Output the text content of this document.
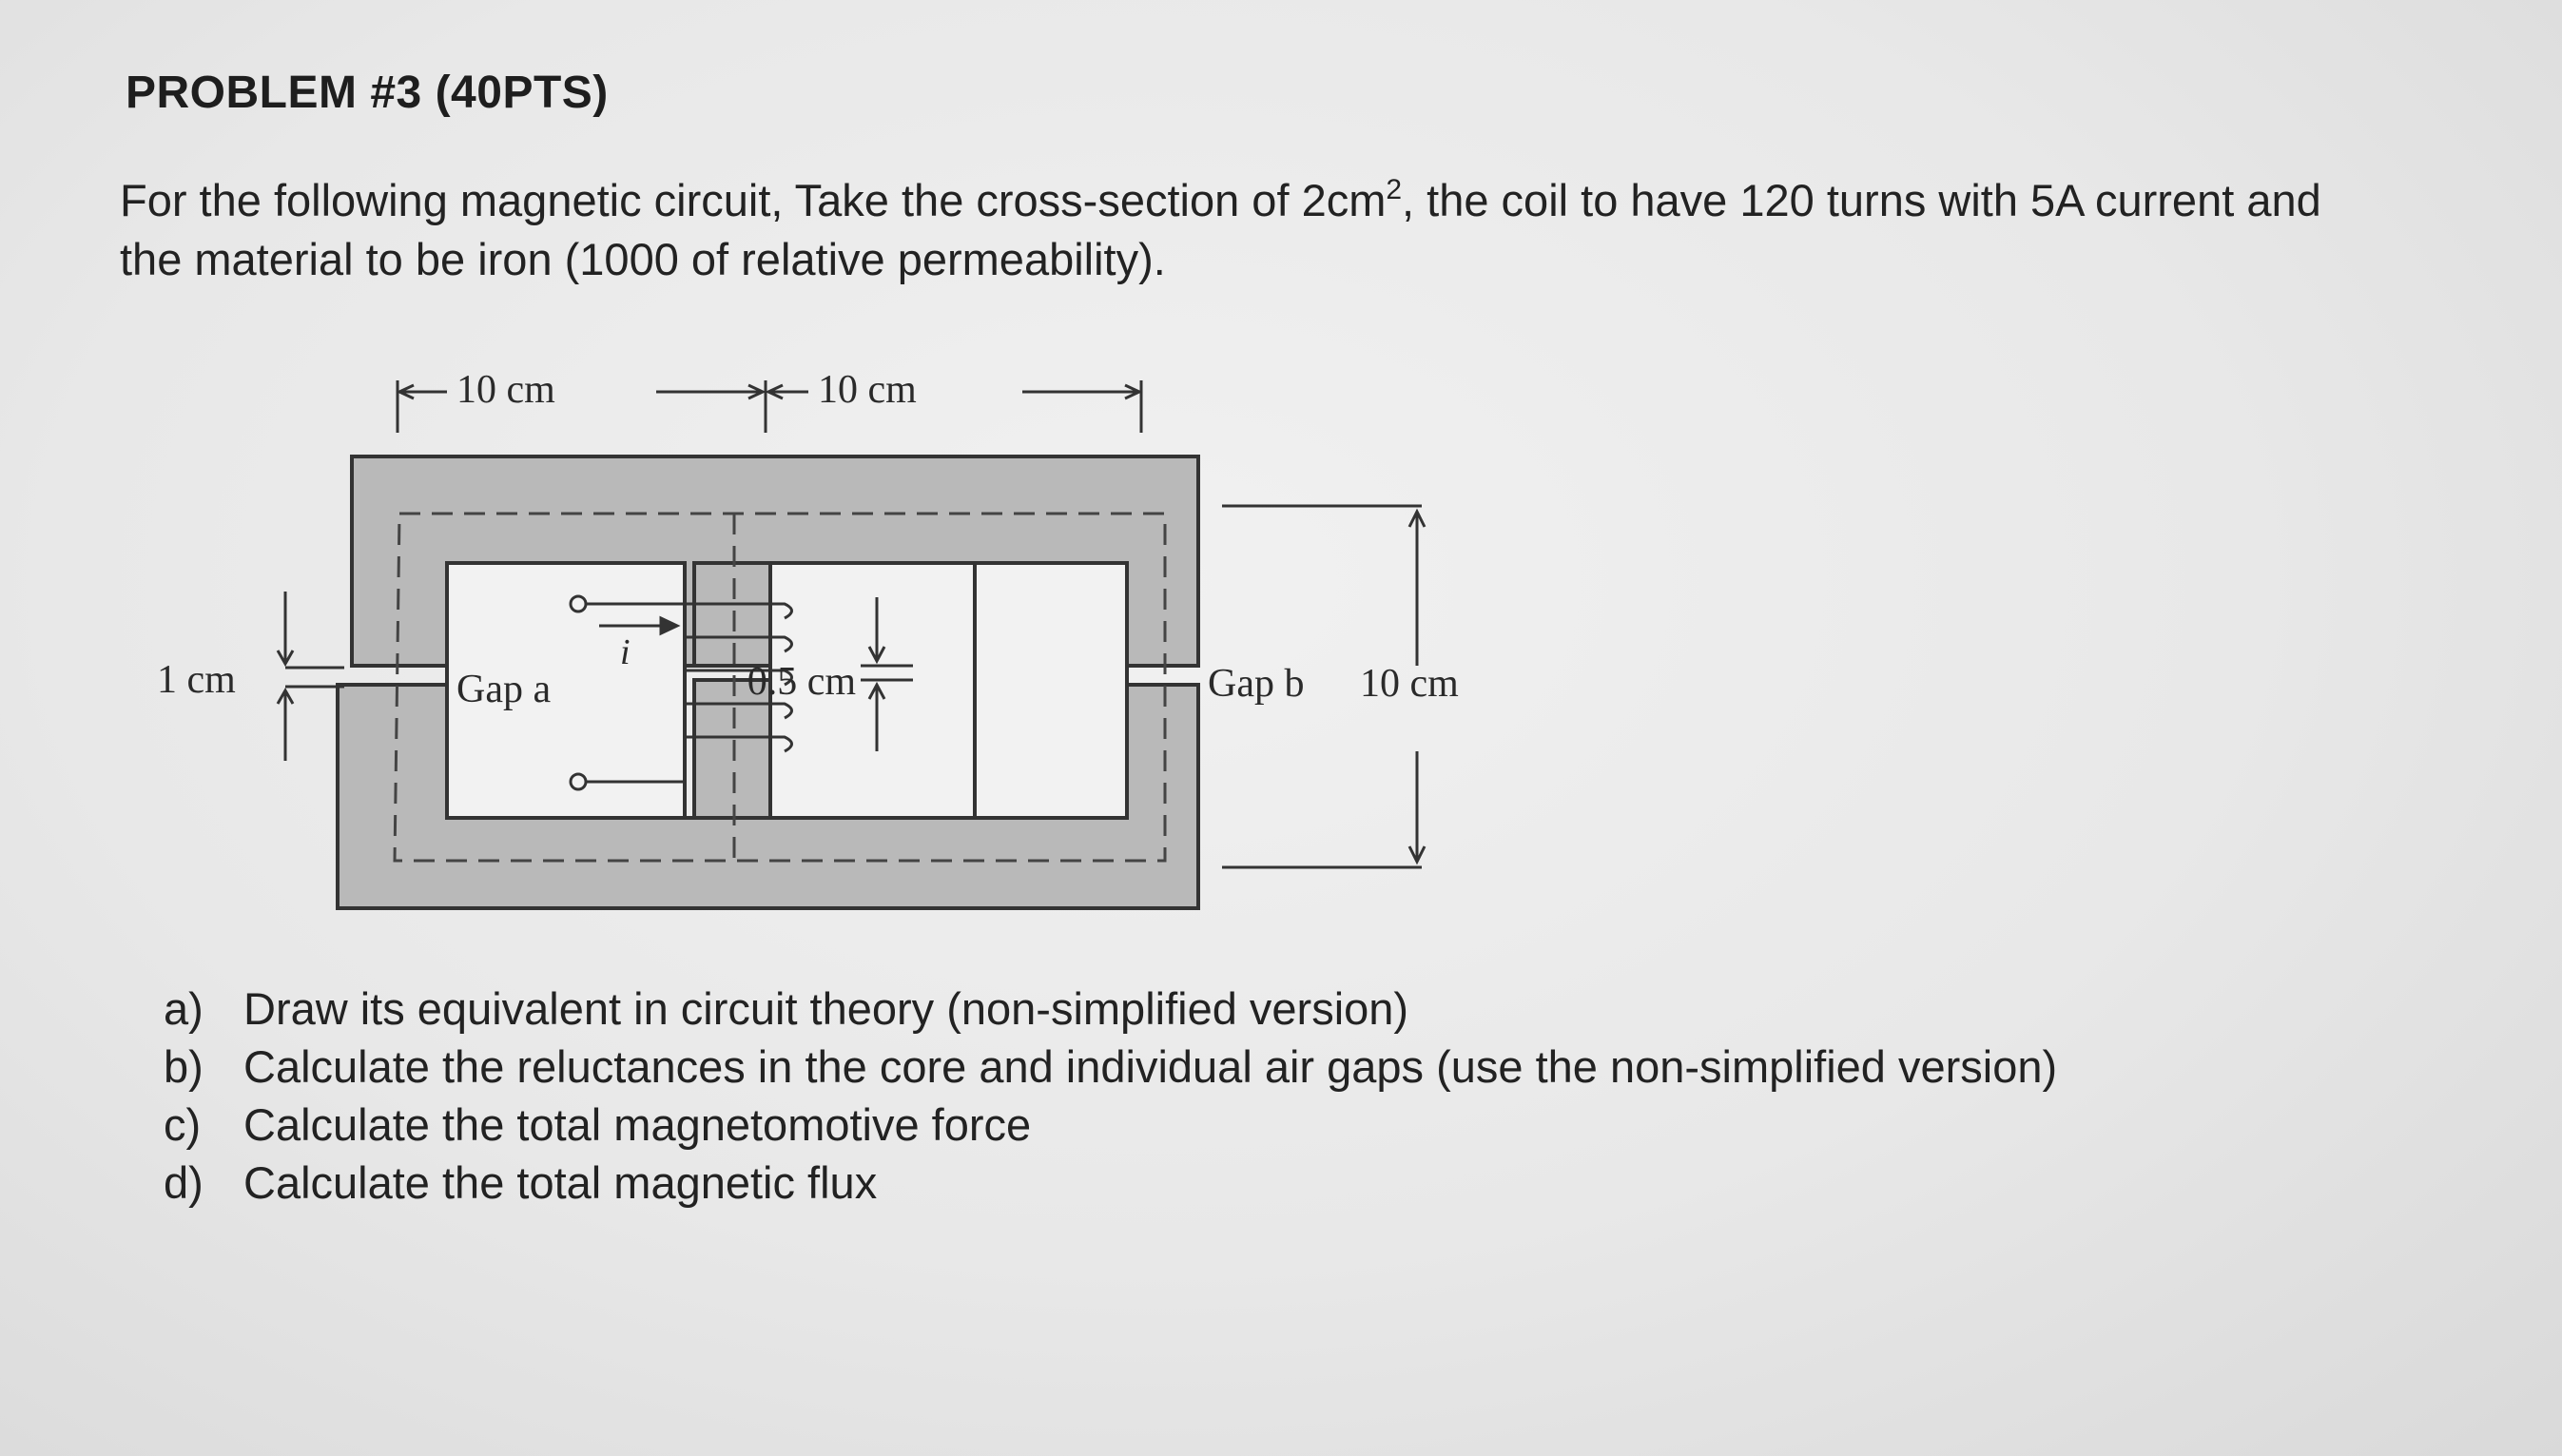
PROBLEM #3 (40PTS)

For the following magnetic circuit, Take the cross-section of $2cm^2$, the coil to have 120 turns with 5A current and

the material to be iron (1000 of relative permeability).

10 cm	10 cm
1 cm	Gap a
i
0.5 cm	Gap b 10 cm
a) Draw its equivalent in circuit theory (non-simplified version)
b) Calculate the reluctances in the core and individual air gaps (use the non-simplified version)
c) Calculate the total magnetomotive force
d) Calculate the total magnetic flux
